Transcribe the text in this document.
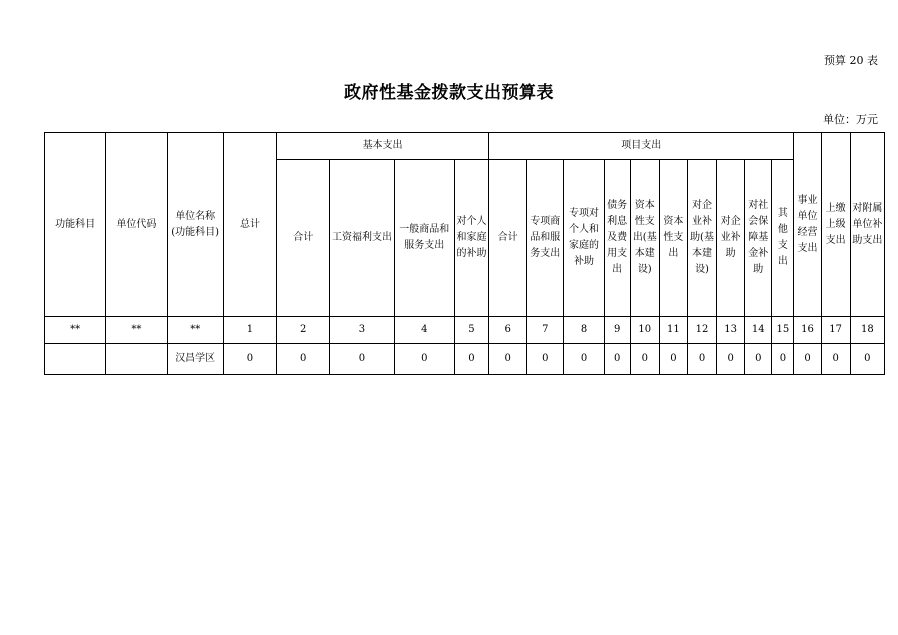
预算 20 表
政府性基金拨款支出预算表
单位：万元
功能科目	单位代码	单位名称(功能科目)	总计	基本支出				项目支出										事业单位经营支出	上缴上级支出	对附属单位补助支出
				合计	工资福利支出	一般商品和服务支出	对个人和家庭的补助	合计	专项商品和服务支出	专项对个人和家庭的补助	债务利息及费用支出	资本性支出(基本建设)	资本性支出	对企业补助(基本建设)	对企业补助	对社会保障基金补助	其他支出			
**	**	**	1	2	3	4	5	6	7	8	9	10	11	12	13	14	15	16	17	18
		汉昌学区	0	0	0	0	0	0	0	0	0	0	0	0	0	0	0	0	0	0
